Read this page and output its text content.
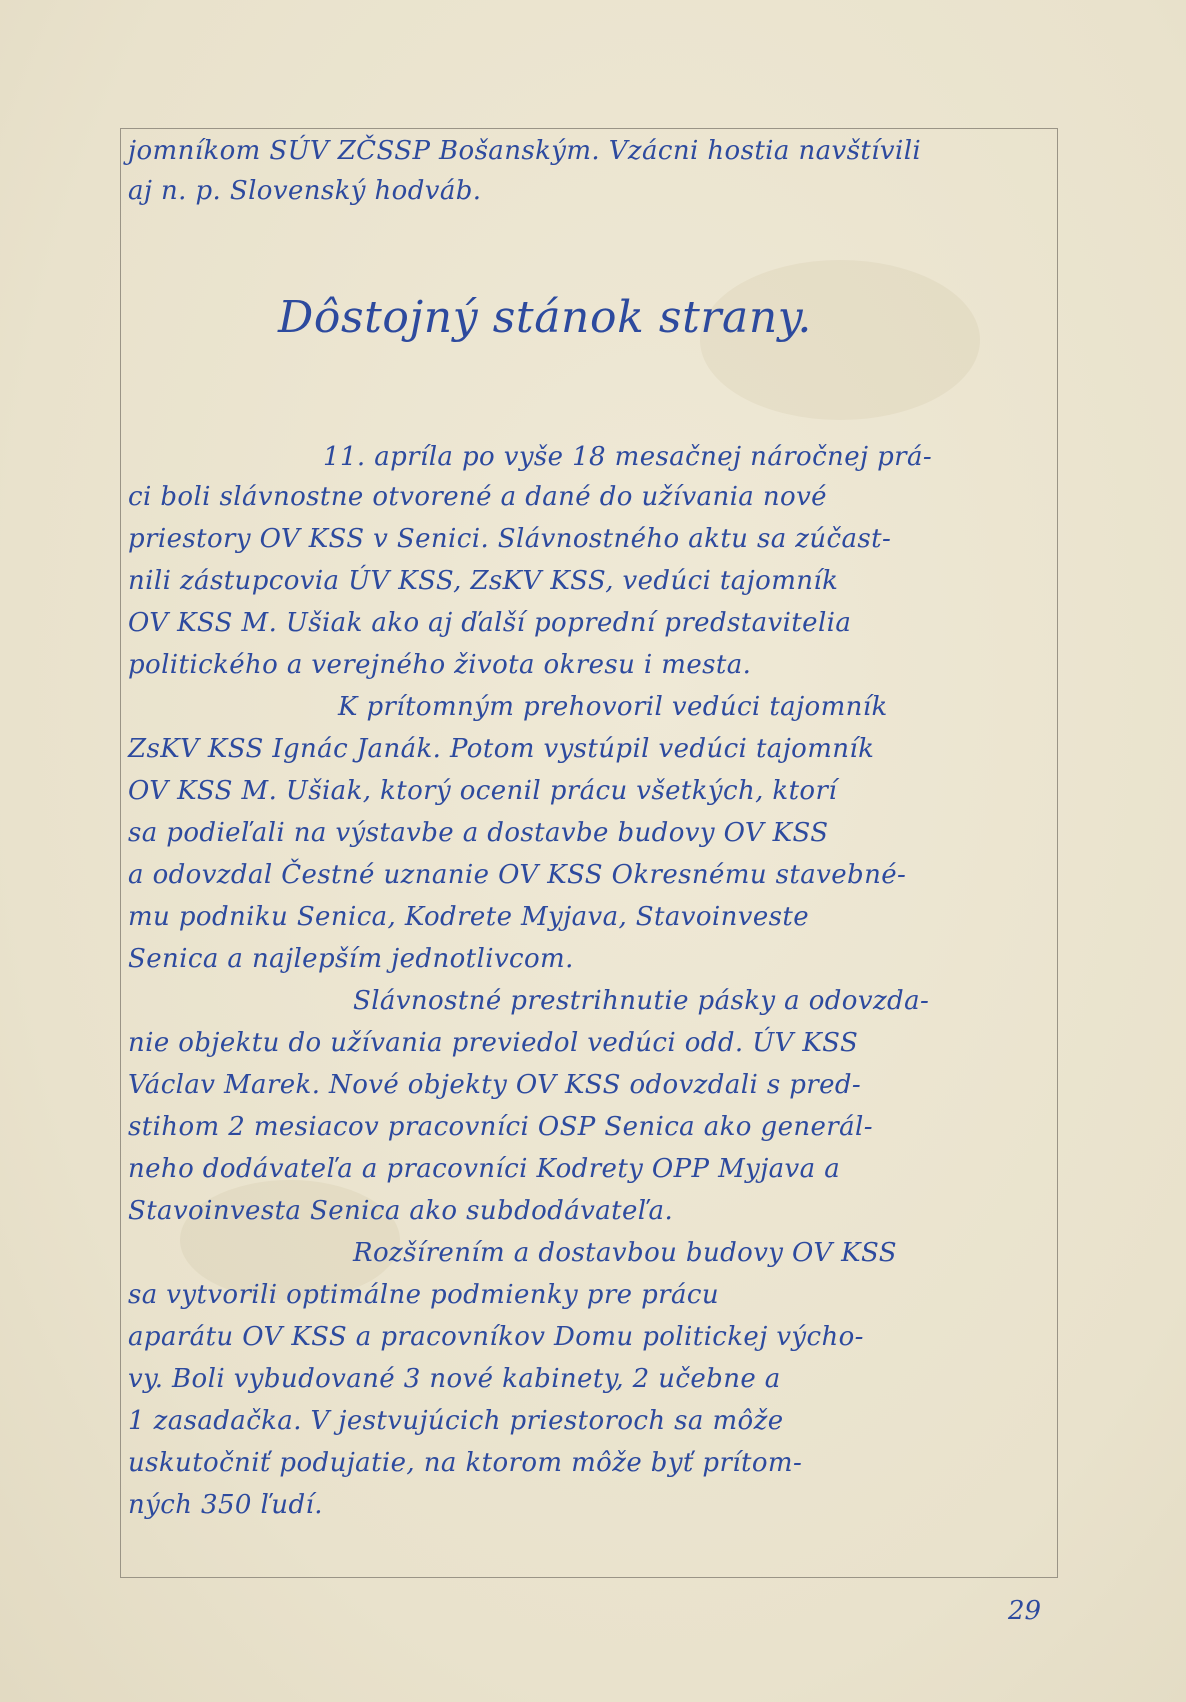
jomníkom SÚV ZČSSP Bošanským. Vzácni hostia navštívili
aj n. p. Slovenský hodváb.
Dôstojný stánok strany.
11. apríla po vyše 18 mesačnej náročnej prá-
ci boli slávnostne otvorené a dané do užívania nové
priestory OV KSS v Senici. Slávnostného aktu sa zúčast-
nili zástupcovia ÚV KSS, ZsKV KSS, vedúci tajomník
OV KSS M. Ušiak ako aj ďalší poprední predstavitelia
politického a verejného života okresu i mesta.
K prítomným prehovoril vedúci tajomník
ZsKV KSS Ignác Janák. Potom vystúpil vedúci tajomník
OV KSS M. Ušiak, ktorý ocenil prácu všetkých, ktorí
sa podieľali na výstavbe a dostavbe budovy OV KSS
a odovzdal Čestné uznanie OV KSS Okresnému stavebné-
mu podniku Senica, Kodrete Myjava, Stavoinveste
Senica a najlepším jednotlivcom.
Slávnostné prestrihnutie pásky a odovzda-
nie objektu do užívania previedol vedúci odd. ÚV KSS
Václav Marek. Nové objekty OV KSS odovzdali s pred-
stihom 2 mesiacov pracovníci OSP Senica ako generál-
neho dodávateľa a pracovníci Kodrety OPP Myjava a
Stavoinvesta Senica ako subdodávateľa.
Rozšírením a dostavbou budovy OV KSS
sa vytvorili optimálne podmienky pre prácu
aparátu OV KSS a pracovníkov Domu politickej výcho-
vy. Boli vybudované 3 nové kabinety, 2 učebne a
1 zasadačka. V jestvujúcich priestoroch sa môže
uskutočniť podujatie, na ktorom môže byť prítom-
ných 350 ľudí.
29
